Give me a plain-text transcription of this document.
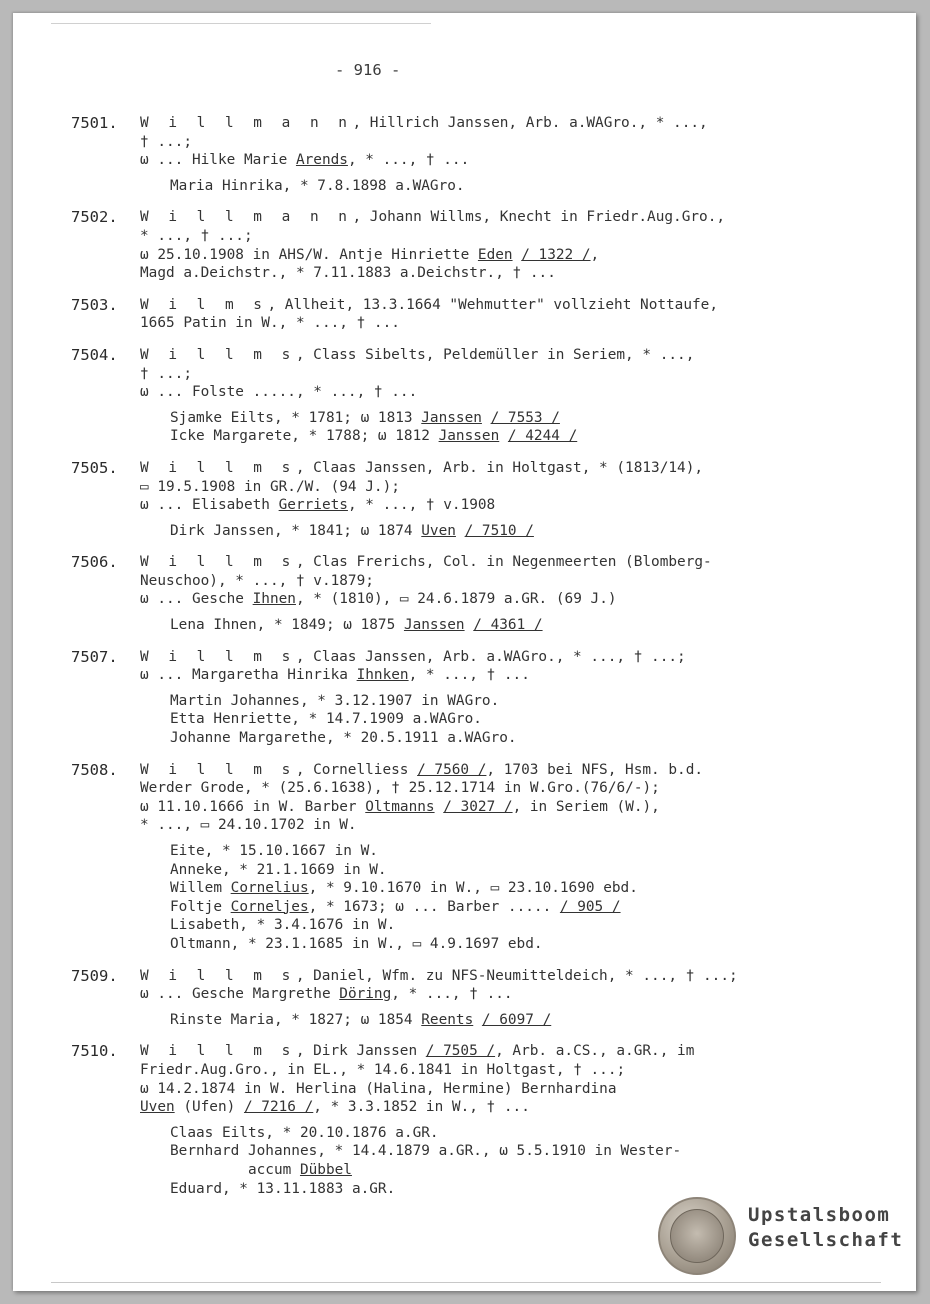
- 916 -
7501. W i l l m a n n, Hillrich Janssen, Arb. a.WAGro., * ...,
† ...;
ω ... Hilke Marie Arends, * ..., † ...
Maria Hinrika, * 7.8.1898 a.WAGro.
7502. W i l l m a n n, Johann Willms, Knecht in Friedr.Aug.Gro.,
* ..., † ...;
ω 25.10.1908 in AHS/W. Antje Hinriette Eden / 1322 /,
Magd a.Deichstr., * 7.11.1883 a.Deichstr., † ...
7503. W i l m s, Allheit, 13.3.1664 "Wehmutter" vollzieht Nottaufe,
1665 Patin in W., * ..., † ...
7504. W i l l m s, Class Sibelts, Peldemüller in Seriem, * ...,
† ...;
ω ... Folste ....., * ..., † ...
Sjamke Eilts, * 1781; ω 1813 Janssen / 7553 /
Icke Margarete, * 1788; ω 1812 Janssen / 4244 /
7505. W i l l m s, Claas Janssen, Arb. in Holtgast, * (1813/14),
▭ 19.5.1908 in GR./W. (94 J.);
ω ... Elisabeth Gerriets, * ..., † v.1908
Dirk Janssen, * 1841; ω 1874 Uven / 7510 /
7506. W i l l m s, Clas Frerichs, Col. in Negenmeerten (Blomberg-
Neuschoo), * ..., † v.1879;
ω ... Gesche Ihnen, * (1810), ▭ 24.6.1879 a.GR. (69 J.)
Lena Ihnen, * 1849; ω 1875 Janssen / 4361 /
7507. W i l l m s, Claas Janssen, Arb. a.WAGro., * ..., † ...;
ω ... Margaretha Hinrika Ihnken, * ..., † ...
Martin Johannes, * 3.12.1907 in WAGro.
Etta Henriette, * 14.7.1909 a.WAGro.
Johanne Margarethe, * 20.5.1911 a.WAGro.
7508. W i l l m s, Cornelliess / 7560 /, 1703 bei NFS, Hsm. b.d.
Werder Grode, * (25.6.1638), † 25.12.1714 in W.Gro.(76/6/-);
ω 11.10.1666 in W. Barber Oltmanns / 3027 /, in Seriem (W.),
* ..., ▭ 24.10.1702 in W.
Eite, * 15.10.1667 in W.
Anneke, * 21.1.1669 in W.
Willem Cornelius, * 9.10.1670 in W., ▭ 23.10.1690 ebd.
Foltje Corneljes, * 1673; ω ... Barber ..... / 905 /
Lisabeth, * 3.4.1676 in W.
Oltmann, * 23.1.1685 in W., ▭ 4.9.1697 ebd.
7509. W i l l m s, Daniel, Wfm. zu NFS-Neumitteldeich, * ..., † ...;
ω ... Gesche Margrethe Döring, * ..., † ...
Rinste Maria, * 1827; ω 1854 Reents / 6097 /
7510. W i l l m s, Dirk Janssen / 7505 /, Arb. a.CS., a.GR., im
Friedr.Aug.Gro., in EL., * 14.6.1841 in Holtgast, † ...;
ω 14.2.1874 in W. Herlina (Halina, Hermine) Bernhardina
Uven (Ufen) / 7216 /, * 3.3.1852 in W., † ...
Claas Eilts, * 20.10.1876 a.GR.
Bernhard Johannes, * 14.4.1879 a.GR., ω 5.5.1910 in Wester-
accum Dübbel
Eduard, * 13.11.1883 a.GR.
Upstalsboom
Gesellschaft
